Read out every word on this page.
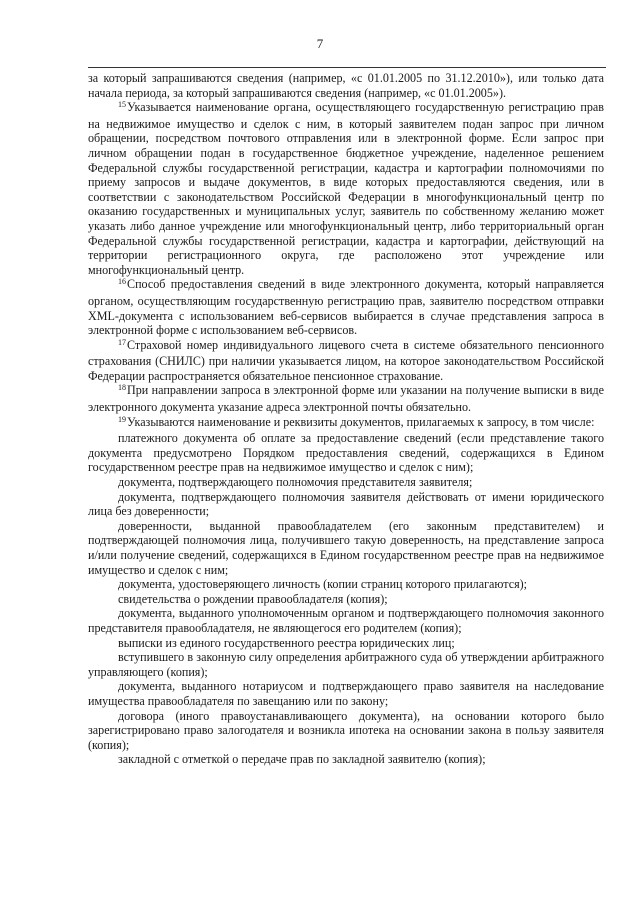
7

за который запрашиваются сведения (например, «с 01.01.2005 по 31.12.2010»), или только дата начала периода, за который запрашиваются сведения (например, «с 01.01.2005»).

$^{15}$Указывается наименование органа, осуществляющего государственную регистрацию прав на недвижимое имущество и сделок с ним, в который заявителем подан запрос при личном обращении, посредством почтового отправления или в электронной форме. Если запрос при личном обращении подан в государственное бюджетное учреждение, наделенное решением Федеральной службы государственной регистрации, кадастра и картографии полномочиями по приему запросов и выдаче документов, в виде которых предоставляются сведения, или в соответствии с законодательством Российской Федерации в многофункциональный центр по оказанию государственных и муниципальных услуг, заявитель по собственному желанию может указать либо данное учреждение или многофункциональный центр, либо территориальный орган Федеральной службы государственной регистрации, кадастра и картографии, действующий на территории регистрационного округа, где расположено этот учреждение или многофункциональный центр.

$^{16}$Способ предоставления сведений в виде электронного документа, который направляется органом, осуществляющим государственную регистрацию прав, заявителю посредством отправки XML-документа с использованием веб-сервисов выбирается в случае представления запроса в электронной форме с использованием веб-сервисов.

$^{17}$Страховой номер индивидуального лицевого счета в системе обязательного пенсионного страхования (СНИЛС) при наличии указывается лицом, на которое законодательством Российской Федерации распространяется обязательное пенсионное страхование.

$^{18}$При направлении запроса в электронной форме или указании на получение выписки в виде электронного документа указание адреса электронной почты обязательно.

$^{19}$Указываются наименование и реквизиты документов, прилагаемых к запросу, в том числе:

платежного документа об оплате за предоставление сведений (если представление такого документа предусмотрено Порядком предоставления сведений, содержащихся в Едином государственном реестре прав на недвижимое имущество и сделок с ним);

документа, подтверждающего полномочия представителя заявителя;

документа, подтверждающего полномочия заявителя действовать от имени юридического лица без доверенности;

доверенности, выданной правообладателем (его законным представителем) и подтверждающей полномочия лица, получившего такую доверенность, на представление запроса и/или получение сведений, содержащихся в Едином государственном реестре прав на недвижимое имущество и сделок с ним;

документа, удостоверяющего личность (копии страниц которого прилагаются);

свидетельства о рождении правообладателя (копия);

документа, выданного уполномоченным органом и подтверждающего полномочия законного представителя правообладателя, не являющегося его родителем (копия);

выписки из единого государственного реестра юридических лиц;

вступившего в законную силу определения арбитражного суда об утверждении арбитражного управляющего (копия);

документа, выданного нотариусом и подтверждающего право заявителя на наследование имущества правообладателя по завещанию или по закону;

договора (иного правоустанавливающего документа), на основании которого было зарегистрировано право залогодателя и возникла ипотека на основании закона в пользу заявителя (копия);

закладной с отметкой о передаче прав по закладной заявителю (копия);
